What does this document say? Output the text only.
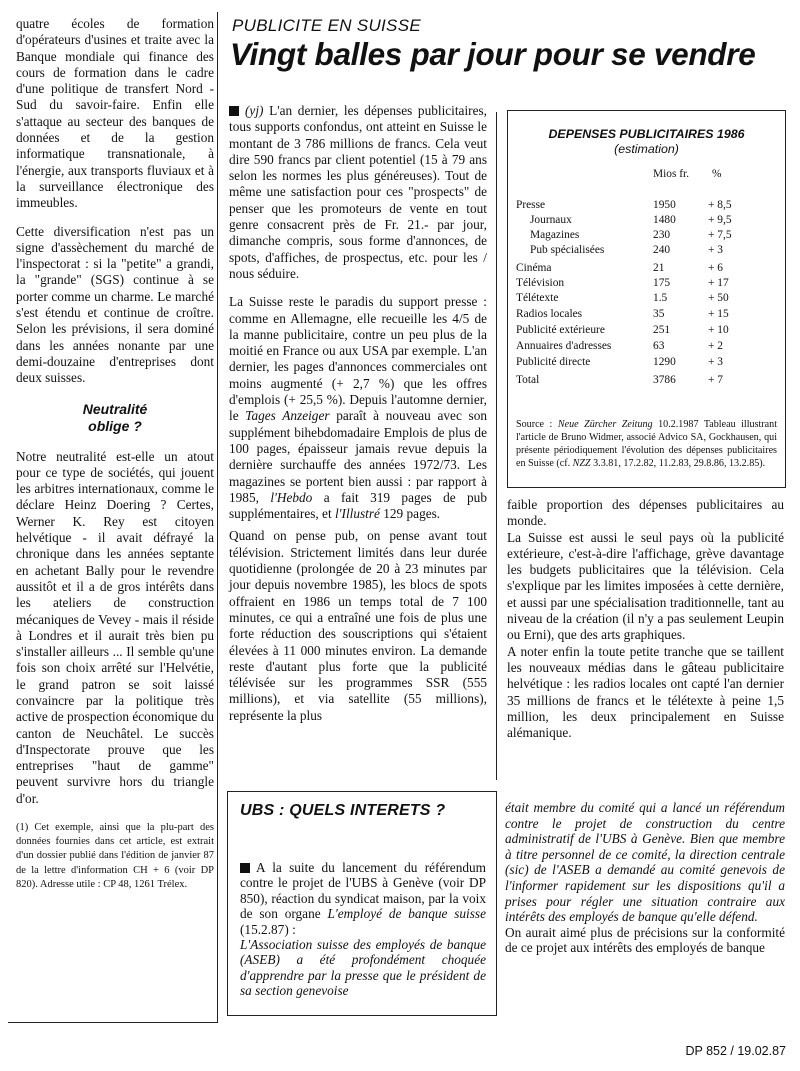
PUBLICITE EN SUISSE
Vingt balles par jour pour se vendre

quatre écoles de formation d'opérateurs d'usines et traite avec la Banque mondiale qui finance des cours de formation dans le cadre d'une politique de transfert Nord - Sud du savoir-faire. Enfin elle s'attaque au secteur des banques de données et de la gestion informatique transnationale, à l'énergie, aux transports fluviaux et à la surveillance électronique des immeubles.

Cette diversification n'est pas un signe d'assèchement du marché de l'inspectorat : si la "petite" a grandi, la "grande" (SGS) continue à se porter comme un charme. Le marché s'est étendu et continue de croître. Selon les prévisions, il sera dominé dans les années nonante par une demi-douzaine d'entreprises dont deux suisses.

Neutralité
oblige ?

Notre neutralité est-elle un atout pour ce type de sociétés, qui jouent les arbitres internationaux, comme le déclare Heinz Doering ? Certes, Werner K. Rey est citoyen helvétique - il avait défrayé la chronique dans les années septante en achetant Bally pour le revendre aussitôt et il a de gros intérêts dans les ateliers de construction mécaniques de Vevey - mais il réside à Londres et il aurait très bien pu s'installer ailleurs ... Il semble qu'une fois son choix arrêté sur l'Helvétie, le grand patron se soit laissé convaincre par la politique très active de prospection économique du canton de Neuchâtel. Le succès d'Inspectorate prouve que les entreprises "haut de gamme" peuvent survivre hors du triangle d'or.

(1) Cet exemple, ainsi que la plu-part des données fournies dans cet article, est extrait d'un dossier publié dans l'édition de janvier 87 de la lettre d'information CH + 6 (voir DP 820). Adresse utile : CP 48, 1261 Trélex.

(yj) L'an dernier, les dépenses publicitaires, tous supports confondus, ont atteint en Suisse le montant de 3 786 millions de francs. Cela veut dire 590 francs par client potentiel (15 à 79 ans selon les normes les plus généreuses). Tout de même une satisfaction pour ces "prospects" de penser que les promoteurs de vente en tout genre consacrent près de Fr. 21.- par jour, dimanche compris, sous forme d'annonces, de spots, d'affiches, de prospectus, etc. pour les / nous séduire.

La Suisse reste le paradis du support presse : comme en Allemagne, elle recueille les 4/5 de la manne publicitaire, contre un peu plus de la moitié en France ou aux USA par exemple. L'an dernier, les pages d'annonces commerciales ont moins augmenté (+ 2,7 %) que les offres d'emplois (+ 25,5 %). Depuis l'automne dernier, le Tages Anzeiger paraît à nouveau avec son supplément bihebdomadaire Emplois de plus de 100 pages, épaisseur jamais revue depuis la dernière surchauffe des années 1972/73. Les magazines se portent bien aussi : par rapport à 1985, l'Hebdo a fait 319 pages de pub supplémentaires, et l'Illustré 129 pages.

Quand on pense pub, on pense avant tout télévision. Strictement limités dans leur durée quotidienne (prolongée de 20 à 23 minutes par jour depuis novembre 1985), les blocs de spots offraient en 1986 un temps total de 7 100 minutes, ce qui a entraîné une fois de plus une forte réduction des souscriptions qui s'étaient élevées à 11 000 minutes environ. La demande reste d'autant plus forte que la publicité télévisée sur les programmes SSR (555 millions), et via satellite (55 millions), représente la plus

DEPENSES PUBLICITAIRES 1986
(estimation)
Mios fr. %
Presse	1950	+ 8,5
Journaux	1480	+ 9,5
Magazines	230	+ 7,5
Pub spécialisées	240	+ 3
Cinéma	21	+ 6
Télévision	175	+ 17
Télétexte	1.5	+ 50
Radios locales	35	+ 15
Publicité extérieure	251	+ 10
Annuaires d'adresses	63	+ 2
Publicité directe	1290	+ 3
Total	3786	+ 7
Source : Neue Zürcher Zeitung 10.2.1987 Tableau illustrant l'article de Bruno Widmer, associé Advico SA, Gockhausen, qui présente périodiquement l'évolution des dépenses publicitaires en Suisse (cf. NZZ 3.3.81, 17.2.82, 11.2.83, 29.8.86, 13.2.85).

faible proportion des dépenses publicitaires au monde.

La Suisse est aussi le seul pays où la publicité extérieure, c'est-à-dire l'affichage, grève davantage les budgets publicitaires que la télévision. Cela s'explique par les limites imposées à cette dernière, et aussi par une spécialisation traditionnelle, tant au niveau de la création (il n'y a pas seulement Leupin ou Erni), que des arts graphiques.

A noter enfin la toute petite tranche que se taillent les nouveaux médias dans le gâteau publicitaire helvétique : les radios locales ont capté l'an dernier 35 millions de francs et le télétexte à peine 1,5 million, les deux principalement en Suisse alémanique.

UBS : QUELS INTERETS ?
A la suite du lancement du référendum contre le projet de l'UBS à Genève (voir DP 850), réaction du syndicat maison, par la voix de son organe L'employé de banque suisse (15.2.87) :
L'Association suisse des employés de banque (ASEB) a été profondément choquée d'apprendre par la presse que le président de sa section genevoise

était membre du comité qui a lancé un référendum contre le projet de construction du centre administratif de l'UBS à Genève. Bien que membre à titre personnel de ce comité, la direction centrale (sic) de l'ASEB a demandé au comité genevois de l'informer rapidement sur les dispositions qu'il a prises pour régler une situation contraire aux intérêts des employés de banque qu'elle défend.

On aurait aimé plus de précisions sur la conformité de ce projet aux intérêts des employés de banque

DP 852 / 19.02.87
